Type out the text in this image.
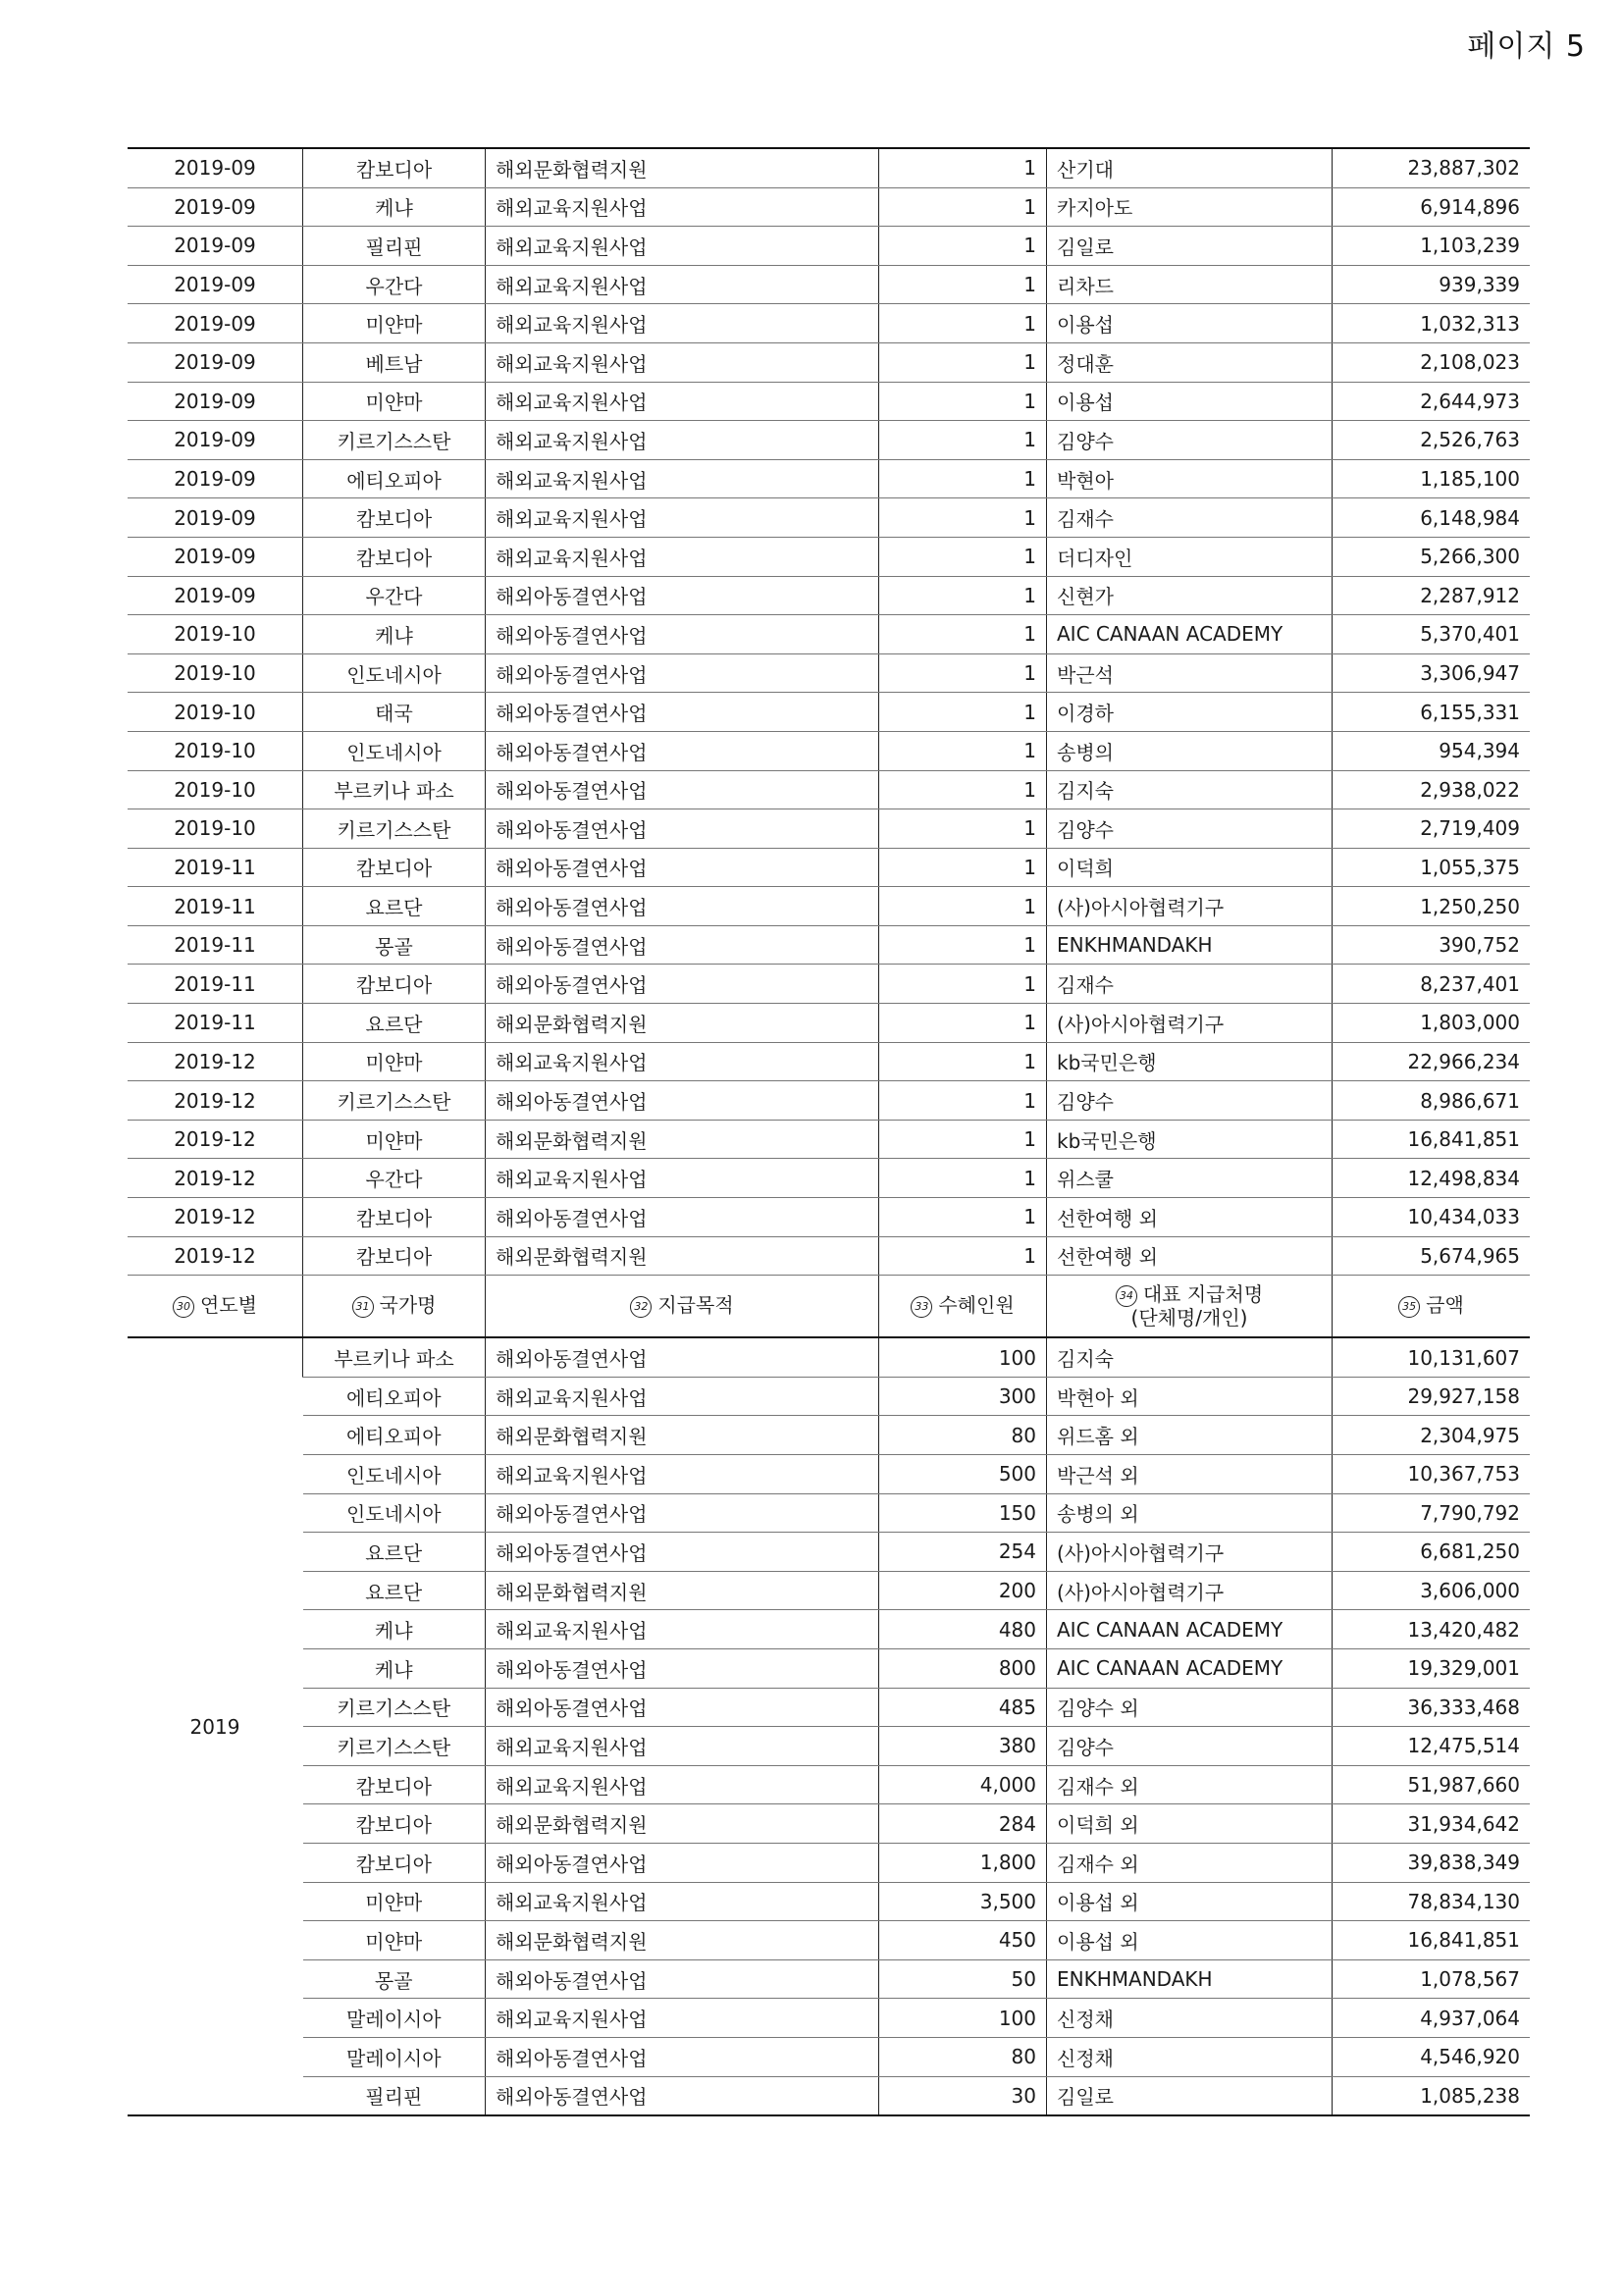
페이지 5
2019-09	캄보디아	해외문화협력지원	1	산기대	23,887,302
2019-09	케냐	해외교육지원사업	1	카지아도	6,914,896
2019-09	필리핀	해외교육지원사업	1	김일로	1,103,239
2019-09	우간다	해외교육지원사업	1	리차드	939,339
2019-09	미얀마	해외교육지원사업	1	이용섭	1,032,313
2019-09	베트남	해외교육지원사업	1	정대훈	2,108,023
2019-09	미얀마	해외교육지원사업	1	이용섭	2,644,973
2019-09	키르기스스탄	해외교육지원사업	1	김양수	2,526,763
2019-09	에티오피아	해외교육지원사업	1	박현아	1,185,100
2019-09	캄보디아	해외교육지원사업	1	김재수	6,148,984
2019-09	캄보디아	해외교육지원사업	1	더디자인	5,266,300
2019-09	우간다	해외아동결연사업	1	신현가	2,287,912
2019-10	케냐	해외아동결연사업	1	AIC CANAAN ACADEMY	5,370,401
2019-10	인도네시아	해외아동결연사업	1	박근석	3,306,947
2019-10	태국	해외아동결연사업	1	이경하	6,155,331
2019-10	인도네시아	해외아동결연사업	1	송병의	954,394
2019-10	부르키나 파소	해외아동결연사업	1	김지숙	2,938,022
2019-10	키르기스스탄	해외아동결연사업	1	김양수	2,719,409
2019-11	캄보디아	해외아동결연사업	1	이덕희	1,055,375
2019-11	요르단	해외아동결연사업	1	(사)아시아협력기구	1,250,250
2019-11	몽골	해외아동결연사업	1	ENKHMANDAKH	390,752
2019-11	캄보디아	해외아동결연사업	1	김재수	8,237,401
2019-11	요르단	해외문화협력지원	1	(사)아시아협력기구	1,803,000
2019-12	미얀마	해외교육지원사업	1	kb국민은행	22,966,234
2019-12	키르기스스탄	해외아동결연사업	1	김양수	8,986,671
2019-12	미얀마	해외문화협력지원	1	kb국민은행	16,841,851
2019-12	우간다	해외교육지원사업	1	위스쿨	12,498,834
2019-12	캄보디아	해외아동결연사업	1	선한여행 외	10,434,033
2019-12	캄보디아	해외문화협력지원	1	선한여행 외	5,674,965

30 연도별	31 국가명	32 지급목적	33 수혜인원	34 대표 지급처명
(단체명/개인)	35 금액

2019	부르키나 파소	해외아동결연사업	100	김지숙	10,131,607
	에티오피아	해외교육지원사업	300	박현아 외	29,927,158
	에티오피아	해외문화협력지원	80	위드홈 외	2,304,975
	인도네시아	해외교육지원사업	500	박근석 외	10,367,753
	인도네시아	해외아동결연사업	150	송병의 외	7,790,792
	요르단	해외아동결연사업	254	(사)아시아협력기구	6,681,250
	요르단	해외문화협력지원	200	(사)아시아협력기구	3,606,000
	케냐	해외교육지원사업	480	AIC CANAAN ACADEMY	13,420,482
	케냐	해외아동결연사업	800	AIC CANAAN ACADEMY	19,329,001
	키르기스스탄	해외아동결연사업	485	김양수 외	36,333,468
	키르기스스탄	해외교육지원사업	380	김양수	12,475,514
	캄보디아	해외교육지원사업	4,000	김재수 외	51,987,660
	캄보디아	해외문화협력지원	284	이덕희 외	31,934,642
	캄보디아	해외아동결연사업	1,800	김재수 외	39,838,349
	미얀마	해외교육지원사업	3,500	이용섭 외	78,834,130
	미얀마	해외문화협력지원	450	이용섭 외	16,841,851
	몽골	해외아동결연사업	50	ENKHMANDAKH	1,078,567
	말레이시아	해외교육지원사업	100	신정채	4,937,064
	말레이시아	해외아동결연사업	80	신정채	4,546,920
	필리핀	해외아동결연사업	30	김일로	1,085,238
